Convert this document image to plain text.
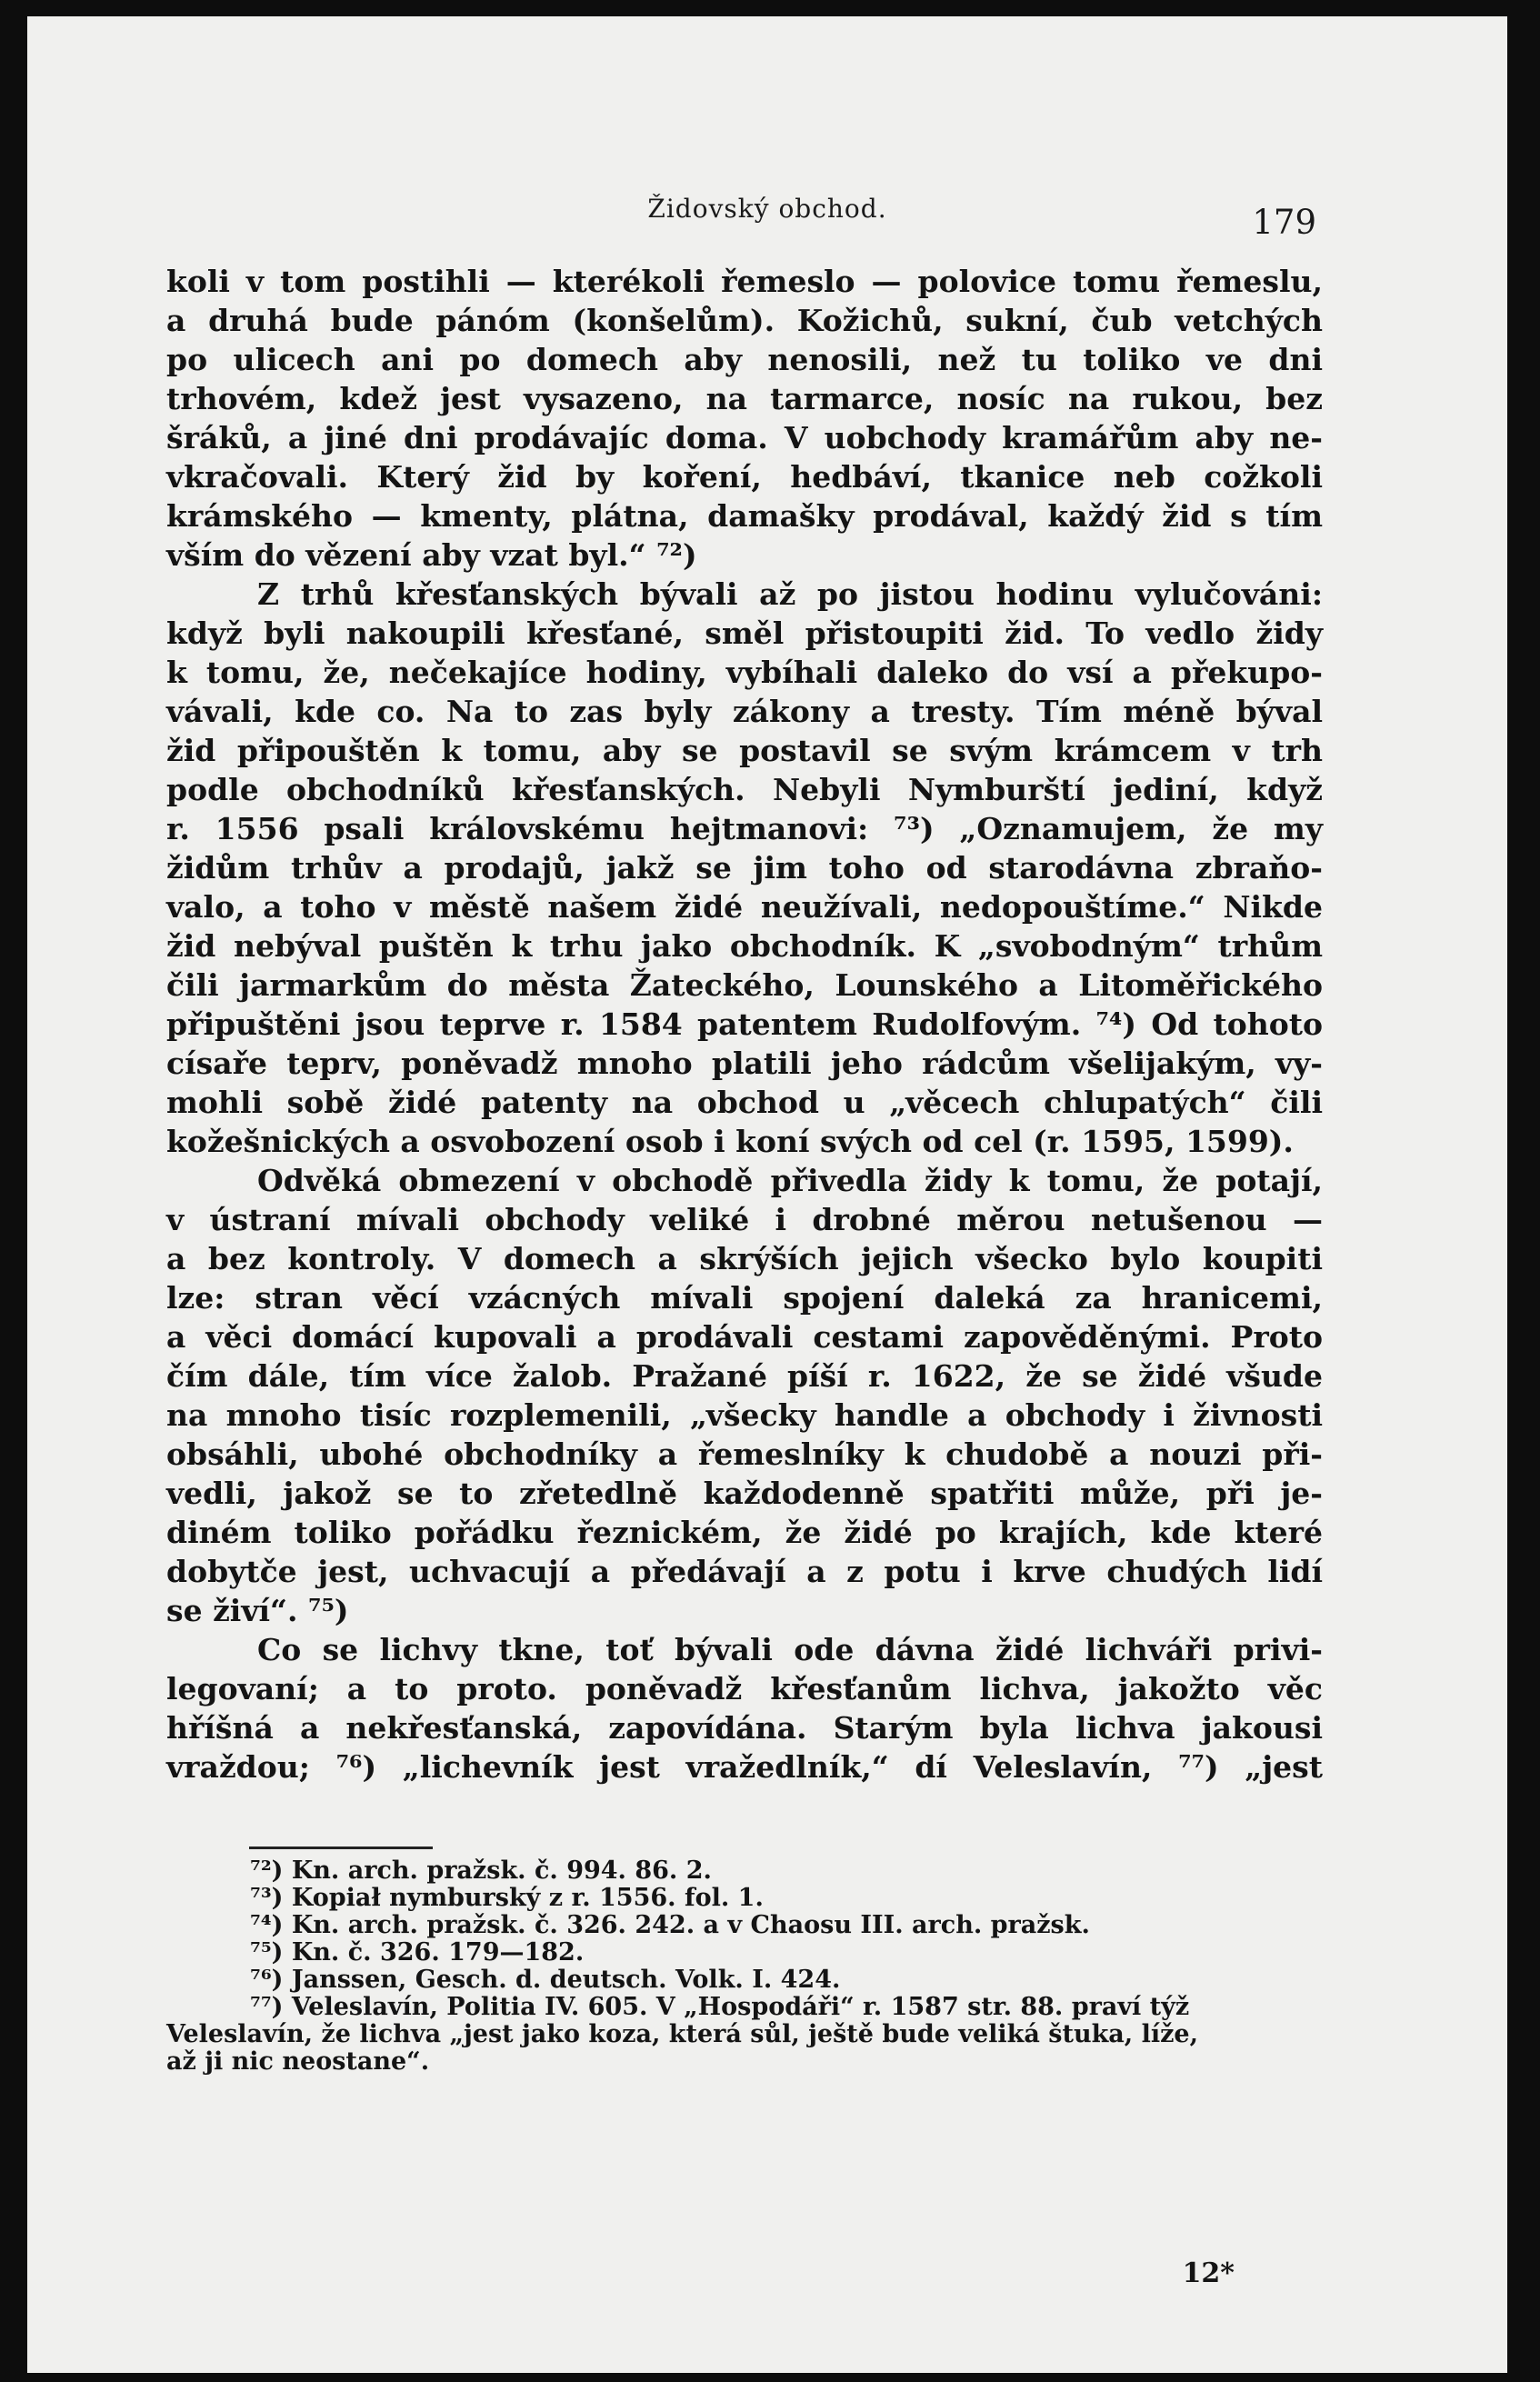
Židovský obchod.	179
koli v tom postihli — kterékoli řemeslo — polovice tomu řemeslu,
a druhá bude pánóm (konšelům). Kožichů, sukní, čub vetchých
po ulicech ani po domech aby nenosili, než tu toliko ve dni
trhovém, kdež jest vysazeno, na tarmarce, nosíc na rukou, bez
šráků, a jiné dni prodávajíc doma. V uobchody kramářům aby ne-
vkračovali. Který žid by koření, hedbáví, tkanice neb cožkoli
krámského — kmenty, plátna, damašky prodával, každý žid s tím
vším do vězení aby vzat byl.“ ⁷²)
Z trhů křesťanských bývali až po jistou hodinu vylučováni:
když byli nakoupili křesťané, směl přistoupiti žid. To vedlo židy
k tomu, že, nečekajíce hodiny, vybíhali daleko do vsí a překupo-
vávali, kde co. Na to zas byly zákony a tresty. Tím méně býval
žid připouštěn k tomu, aby se postavil se svým krámcem v trh
podle obchodníků křesťanských. Nebyli Nymburští jediní, když
r. 1556 psali královskému hejtmanovi: ⁷³) „Oznamujem, že my
židům trhův a prodajů, jakž se jim toho od starodávna zbraňo-
valo, a toho v městě našem židé neužívali, nedopouštíme.“ Nikde
žid nebýval puštěn k trhu jako obchodník. K „svobodným“ trhům
čili jarmarkům do města Žateckého, Lounského a Litoměřického
připuštěni jsou teprve r. 1584 patentem Rudolfovým. ⁷⁴) Od tohoto
císaře teprv, poněvadž mnoho platili jeho rádcům všelijakým, vy-
mohli sobě židé patenty na obchod u „věcech chlupatých“ čili
kožešnických a osvobození osob i koní svých od cel (r. 1595, 1599).
Odvěká obmezení v obchodě přivedla židy k tomu, že potají,
v ústraní mívali obchody veliké i drobné měrou netušenou —
a bez kontroly. V domech a skrýších jejich všecko bylo koupiti
lze: stran věcí vzácných mívali spojení daleká za hranicemi,
a věci domácí kupovali a prodávali cestami zapověděnými. Proto
čím dále, tím více žalob. Pražané píší r. 1622, že se židé všude
na mnoho tisíc rozplemenili, „všecky handle a obchody i živnosti
obsáhli, ubohé obchodníky a řemeslníky k chudobě a nouzi při-
vedli, jakož se to zřetedlně každodenně spatřiti může, při je-
diném toliko pořádku řeznickém, že židé po krajích, kde které
dobytče jest, uchvacují a předávají a z potu i krve chudých lidí
se živí“. ⁷⁵)
Co se lichvy tkne, toť bývali ode dávna židé lichváři privi-
legovaní; a to proto. poněvadž křesťanům lichva, jakožto věc
hříšná a nekřesťanská, zapovídána. Starým byla lichva jakousi
vraždou; ⁷⁶) „lichevník jest vražedlník,“ dí Veleslavín, ⁷⁷) „jest
⁷²) Kn. arch. pražsk. č. 994. 86. 2.
⁷³) Kopiał nymburský z r. 1556. fol. 1.
⁷⁴) Kn. arch. pražsk. č. 326. 242. a v Chaosu III. arch. pražsk.
⁷⁵) Kn. č. 326. 179—182.
⁷⁶) Janssen, Gesch. d. deutsch. Volk. I. 424.
⁷⁷) Veleslavín, Politia IV. 605. V „Hospodáři“ r. 1587 str. 88. praví týž
Veleslavín, že lichva „jest jako koza, která sůl, ještě bude veliká štuka, líže,
až ji nic neostane“.
12*
